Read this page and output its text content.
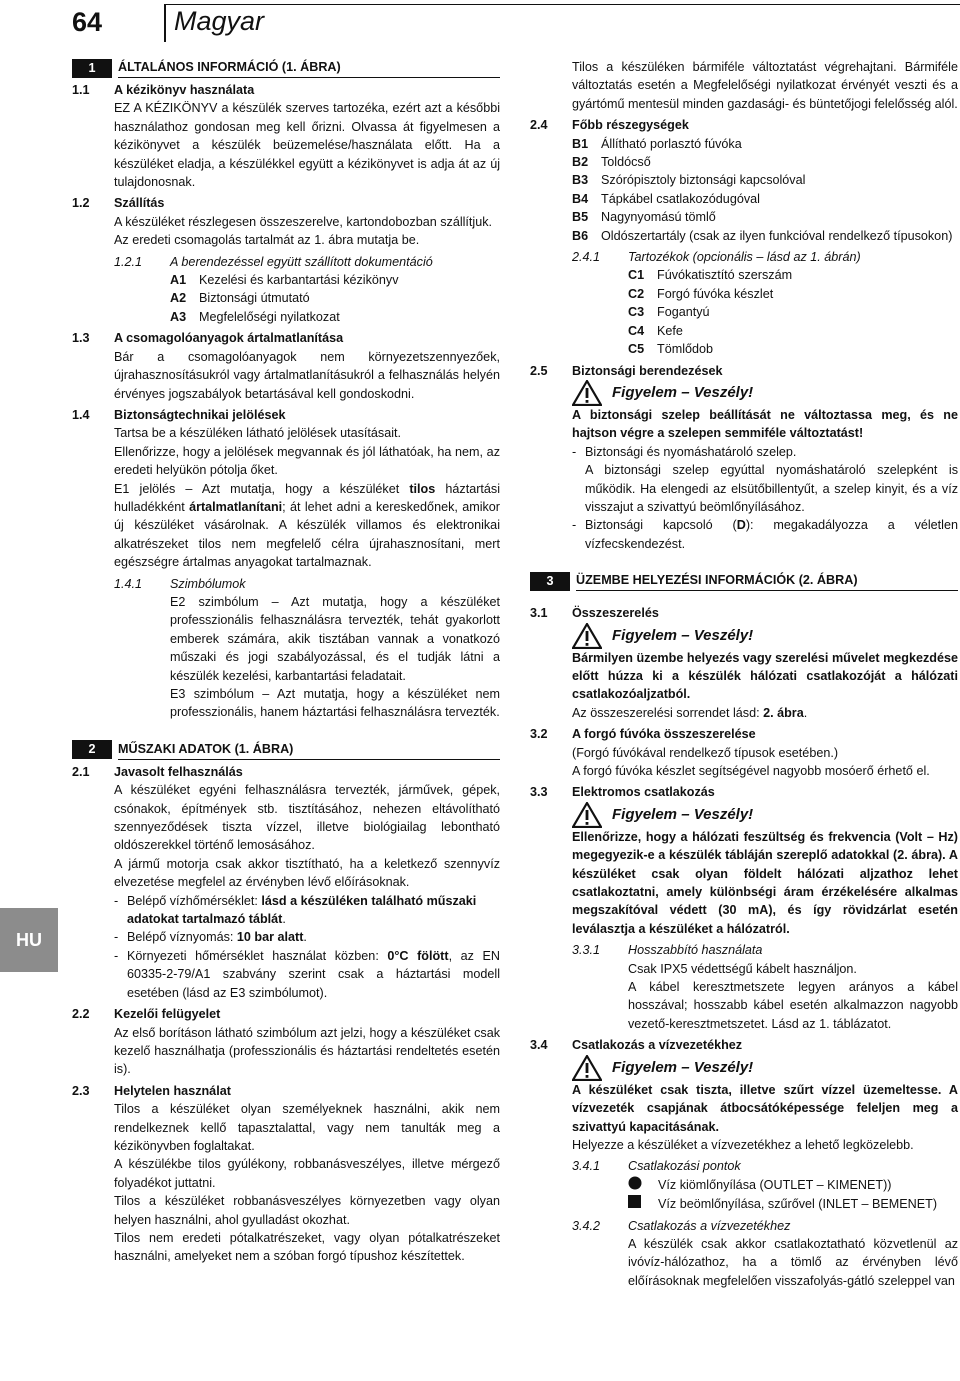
64	Magyar
HU
1	ÁLTALÁNOS INFORMÁCIÓ (1. ÁBRA)
1.1	A kézikönyv használata

EZ A KÉZIKÖNYV a készülék szerves tartozéka, ezért azt a későbbi használathoz gondosan meg kell őrizni. Olvassa át figyelmesen a kézikönyvet a készülék beüzemelése/használata előtt. Ha a készüléket eladja, a készülékkel együtt a kézikönyvet is adja át az új tulajdonosnak.

1.2	Szállítás

A készüléket részlegesen összeszerelve, kartondobozban szállítjuk.

Az eredeti csomagolás tartalmát az 1. ábra mutatja be.

1.2.1	A berendezéssel együtt szállított dokumentáció
A1	Kezelési és karbantartási kézikönyv
A2	Biztonsági útmutató
A3	Megfelelőségi nyilatkozat
1.3	A csomagolóanyagok ártalmatlanítása

Bár a csomagolóanyagok nem környezetszennyezőek, újrahasznosításukról vagy ártalmatlanításukról a felhasználás helyén érvényes jogszabályok betartásával kell gondoskodni.

1.4	Biztonságtechnikai jelölések

Tartsa be a készüléken látható jelölések utasításait.

Ellenőrizze, hogy a jelölések megvannak és jól láthatóak, ha nem, az eredeti helyükön pótolja őket.

E1 jelölés – Azt mutatja, hogy a készüléket tilos háztartási hulladékként ártalmatlanítani; át lehet adni a kereskedőnek, amikor új készüléket vásárolnak. A készülék villamos és elektronikai alkatrészeket tilos nem megfelelő célra újrahasznosítani, mert egészségre ártalmas anyagokat tartalmaznak.

1.4.1	Szimbólumok

E2 szimbólum – Azt mutatja, hogy a készüléket professzionális felhasználásra tervezték, tehát gyakorlott emberek számára, akik tisztában vannak a vonatkozó műszaki és jogi szabályozással, és el tudják látni a készülék kezelési, karbantartási feladatait.

E3 szimbólum – Azt mutatja, hogy a készüléket nem professzionális, hanem háztartási felhasználásra tervezték.

2	MŰSZAKI ADATOK (1. ÁBRA)
2.1	Javasolt felhasználás

A készüléket egyéni felhasználásra tervezték, járművek, gépek, csónakok, építmények stb. tisztításához, nehezen eltávolítható szennyeződések tiszta vízzel, illetve biológiailag lebontható oldószerekkel történő lemosásához.

A jármű motorja csak akkor tisztítható, ha a keletkező szennyvíz elvezetése megfelel az érvényben lévő előírásoknak.

- Belépő vízhőmérséklet: lásd a készüléken található műszaki adatokat tartalmazó táblát.
- Belépő víznyomás: 10 bar alatt.
- Környezeti hőmérséklet használat közben: 0°C fölött, az EN 60335-2-79/A1 szabvány szerint csak a háztartási modell esetében (lásd az E3 szimbólumot).
2.2	Kezelői felügyelet

Az első borításon látható szimbólum azt jelzi, hogy a készüléket csak kezelő használhatja (professzionális és háztartási rendeltetés esetén is).

2.3	Helytelen használat

Tilos a készüléket olyan személyeknek használni, akik nem rendelkeznek kellő tapasztalattal, vagy nem tanulták meg a kézikönyvben foglaltakat.

A készülékbe tilos gyúlékony, robbanásveszélyes, illetve mérgező folyadékot juttatni.

Tilos a készüléket robbanásveszélyes környezetben vagy olyan helyen használni, ahol gyulladást okozhat.

Tilos nem eredeti pótalkatrészeket, vagy olyan pótalkatrészeket használni, amelyeket nem a szóban forgó típushoz készítettek.

Tilos a készüléken bármiféle változtatást végrehajtani. Bármiféle változtatás esetén a Megfelelőségi nyilatkozat érvényét veszti és a gyártómű mentesül minden gazdasági- és büntetőjogi felelősség alól.

2.4	Főbb részegységek
B1	Állítható porlasztó fúvóka
B2	Toldócső
B3	Szórópisztoly biztonsági kapcsolóval
B4	Tápkábel csatlakozódugóval
B5	Nagynyomású tömlő
B6	Oldószertartály (csak az ilyen funkcióval rendelkező típusokon)
2.4.1	Tartozékok (opcionális – lásd az 1. ábrán)
C1	Fúvókatisztító szerszám
C2	Forgó fúvóka készlet
C3	Fogantyú
C4	Kefe
C5	Tömlődob
2.5	Biztonsági berendezések
Figyelem – Veszély!

A biztonsági szelep beállítását ne változtassa meg, és ne hajtson végre a szelepen semmiféle változtatást!

- Biztonsági és nyomáshatároló szelep.

A biztonsági szelep egyúttal nyomáshatároló szelepként is működik. Ha elengedi az elsütőbillentyűt, a szelep kinyit, és a víz visszajut a szivattyú beömlőnyílásához.

- Biztonsági kapcsoló (D): megakadályozza a véletlen vízfecskendezést.
3	ÜZEMBE HELYEZÉSI INFORMÁCIÓK (2. ÁBRA)
3.1	Összeszerelés
Figyelem – Veszély!

Bármilyen üzembe helyezés vagy szerelési művelet megkezdése előtt húzza ki a készülék hálózati csatlakozóját a hálózati csatlakozóaljzatból.

Az összeszerelési sorrendet lásd: 2. ábra.

3.2	A forgó fúvóka összeszerelése

(Forgó fúvókával rendelkező típusok esetében.)

A forgó fúvóka készlet segítségével nagyobb mosóerő érhető el.

3.3	Elektromos csatlakozás
Figyelem – Veszély!

Ellenőrizze, hogy a hálózati feszültség és frekvencia (Volt – Hz) megegyezik-e a készülék tábláján szereplő adatokkal (2. ábra). A készüléket csak olyan földelt hálózati aljzathoz lehet csatlakoztatni, amely különbségi áram érzékelésére alkalmas megszakítóval védett (30 mA), és így rövidzárlat esetén leválasztja a készüléket a hálózatról.

3.3.1	Hosszabbító használata

Csak IPX5 védettségű kábelt használjon.

A kábel keresztmetszete legyen arányos a kábel hosszával; hosszabb kábel esetén alkalmazzon nagyobb vezető-keresztmetszetet. Lásd az 1. táblázatot.

3.4	Csatlakozás a vízvezetékhez
Figyelem – Veszély!

A készüléket csak tiszta, illetve szűrt vízzel üzemeltesse. A vízvezeték csapjának átbocsátóképessége feleljen meg a szivattyú kapacitásának.

Helyezze a készüléket a vízvezetékhez a lehető legközelebb.

3.4.1	Csatlakozási pontok
Víz kiömlőnyílása (OUTLET – KIMENET))
Víz beömlőnyílása, szűrővel (INLET – BEMENET)
3.4.2	Csatlakozás a vízvezetékhez

A készülék csak akkor csatlakoztatható közvetlenül az ivóvíz-hálózathoz, ha a tömlő az érvényben lévő előírásoknak megfelelően visszafolyás-gátló szeleppel van
